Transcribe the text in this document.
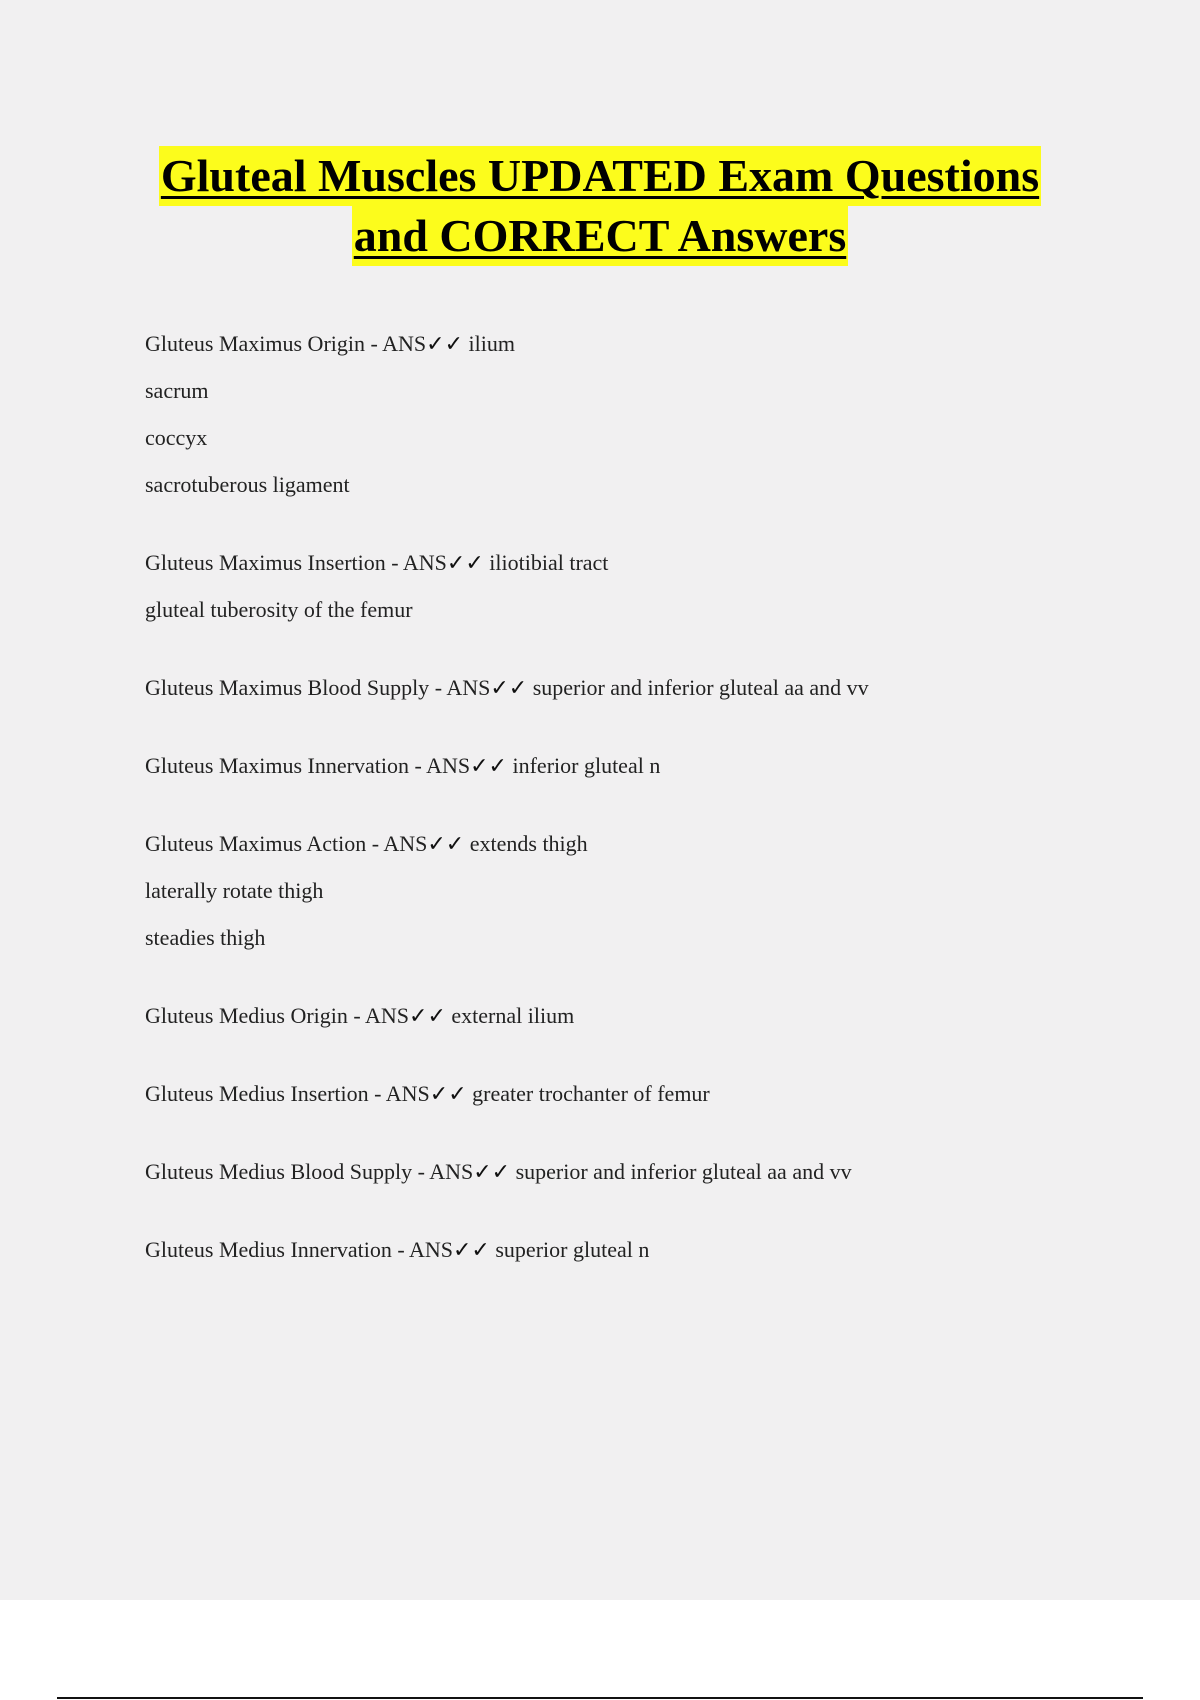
Gluteal Muscles UPDATED Exam Questions
and CORRECT Answers
Gluteus Maximus Origin - ANS✓✓ ilium
sacrum
coccyx
sacrotuberous ligament
Gluteus Maximus Insertion - ANS✓✓ iliotibial tract
gluteal tuberosity of the femur
Gluteus Maximus Blood Supply - ANS✓✓ superior and inferior gluteal aa and vv
Gluteus Maximus Innervation - ANS✓✓ inferior gluteal n
Gluteus Maximus Action - ANS✓✓ extends thigh
laterally rotate thigh
steadies thigh
Gluteus Medius Origin - ANS✓✓ external ilium
Gluteus Medius Insertion - ANS✓✓ greater trochanter of femur
Gluteus Medius Blood Supply - ANS✓✓ superior and inferior gluteal aa and vv
Gluteus Medius Innervation - ANS✓✓ superior gluteal n
